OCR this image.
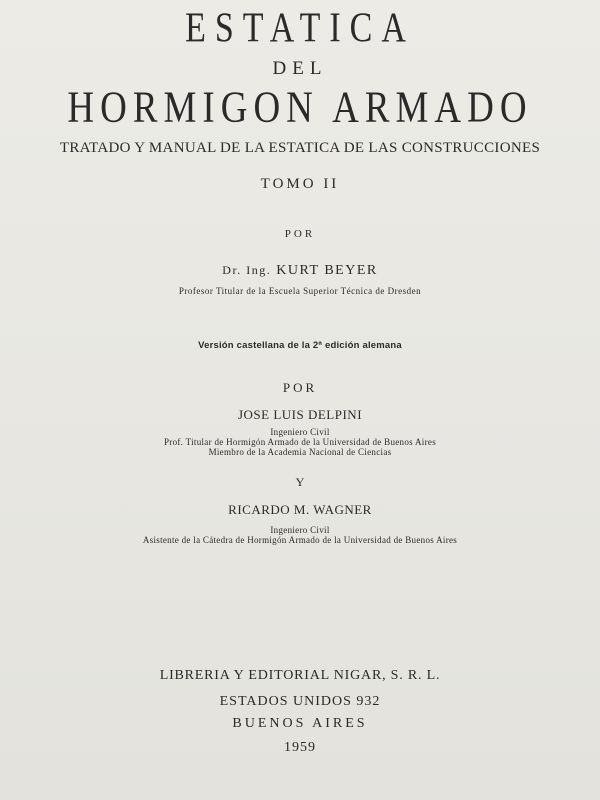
ESTATICA
DEL
HORMIGON ARMADO
TRATADO Y MANUAL DE LA ESTATICA DE LAS CONSTRUCCIONES
TOMO II
POR
Dr. Ing. KURT BEYER
Profesor Titular de la Escuela Superior Técnica de Dresden
Versión castellana de la 2ª edición alemana
POR
JOSE LUIS DELPINI
Ingeniero Civil
Prof. Titular de Hormigón Armado de la Universidad de Buenos Aires
Miembro de la Academia Nacional de Ciencias
Y
RICARDO M. WAGNER
Ingeniero Civil
Asistente de la Cátedra de Hormigón Armado de la Universidad de Buenos Aires
LIBRERIA Y EDITORIAL NIGAR, S. R. L.
ESTADOS UNIDOS 932
BUENOS AIRES
1959
